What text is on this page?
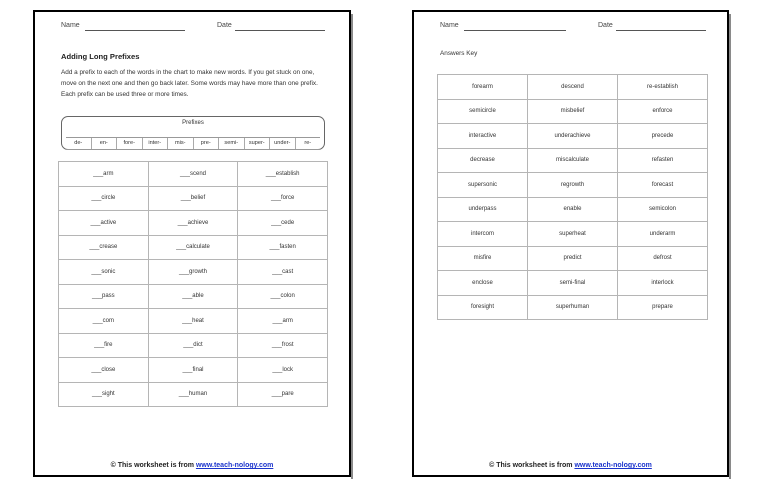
Name	Date
Adding Long Prefixes
Add a prefix to each of the words in the chart to make new words. If you get stuck on one, move on the next one and then go back later. Some words may have more than one prefix. Each prefix can be used three or more times.
Prefixes
de-	en-	fore-	inter-	mis-	pre-	semi-	super-	under-	re-
___arm	___scend	___establish
___circle	___belief	___force
___active	___achieve	___cede
___crease	___calculate	___fasten
___sonic	___growth	___cast
___pass	___able	___colon
___com	___heat	___arm
___fire	___dict	___frost
___close	___final	___lock
___sight	___human	___pare
© This worksheet is from www.teach-nology.com
Name	Date
Answers Key
forearm	descend	re-establish
semicircle	misbelief	enforce
interactive	underachieve	precede
decrease	miscalculate	refasten
supersonic	regrowth	forecast
underpass	enable	semicolon
intercom	superheat	underarm
misfire	predict	defrost
enclose	semi-final	interlock
foresight	superhuman	prepare
© This worksheet is from www.teach-nology.com
